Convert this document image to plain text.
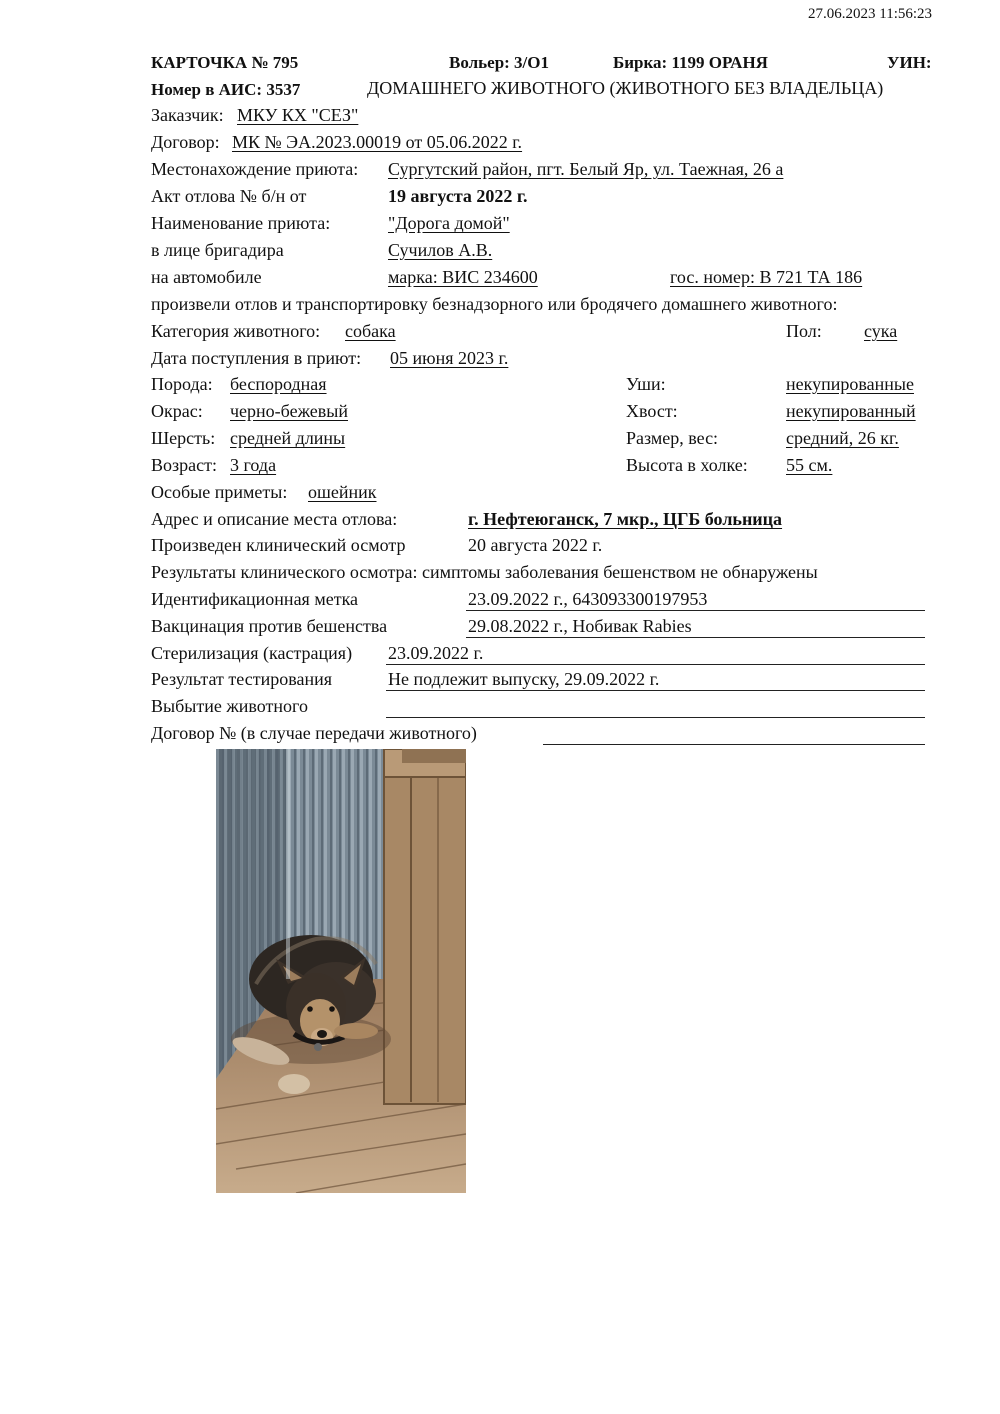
27.06.2023 11:56:23
КАРТОЧКА № 795	Вольер: 3/О1	Бирка: 1199 ОРАНЯ	УИН:
Номер в АИС: 3537	ДОМАШНЕГО ЖИВОТНОГО (ЖИВОТНОГО БЕЗ ВЛАДЕЛЬЦА)
Заказчик: МКУ КХ "СЕЗ"
Договор: МК № ЭА.2023.00019 от 05.06.2022 г.
Местонахождение приюта: Сургутский район, пгт. Белый Яр, ул. Таежная, 26 а
Акт отлова № б/н от	19 августа 2022 г.
Наименование приюта:	"Дорога домой"
в лице бригадира	Сучилов А.В.
на автомобиле	марка: ВИС 234600	гос. номер: В 721 ТА 186
произвели отлов и транспортировку безнадзорного или бродячего домашнего животного:
Категория животного: собака	Пол: сука
Дата поступления в приют: 05 июня 2023 г.
Порода: беспородная	Уши:	некупированные
Окрас: черно-бежевый	Хвост:	некупированный
Шерсть: средней длины	Размер, вес:	средний, 26 кг.
Возраст: 3 года	Высота в холке: 55 см.
Особые приметы: ошейник
Адрес и описание места отлова:	г. Нефтеюганск, 7 мкр., ЦГБ больница
Произведен клинический осмотр	20 августа 2022 г.
Результаты клинического осмотра: симптомы заболевания бешенством не обнаружены
Идентификационная метка	23.09.2022 г., 643093300197953
Вакцинация против бешенства	29.08.2022 г., Нобивак Rabies
Стерилизация (кастрация) 23.09.2022 г.
Результат тестирования	Не подлежит выпуску, 29.09.2022 г.
Выбытие животного
Договор № (в случае передачи животного)
